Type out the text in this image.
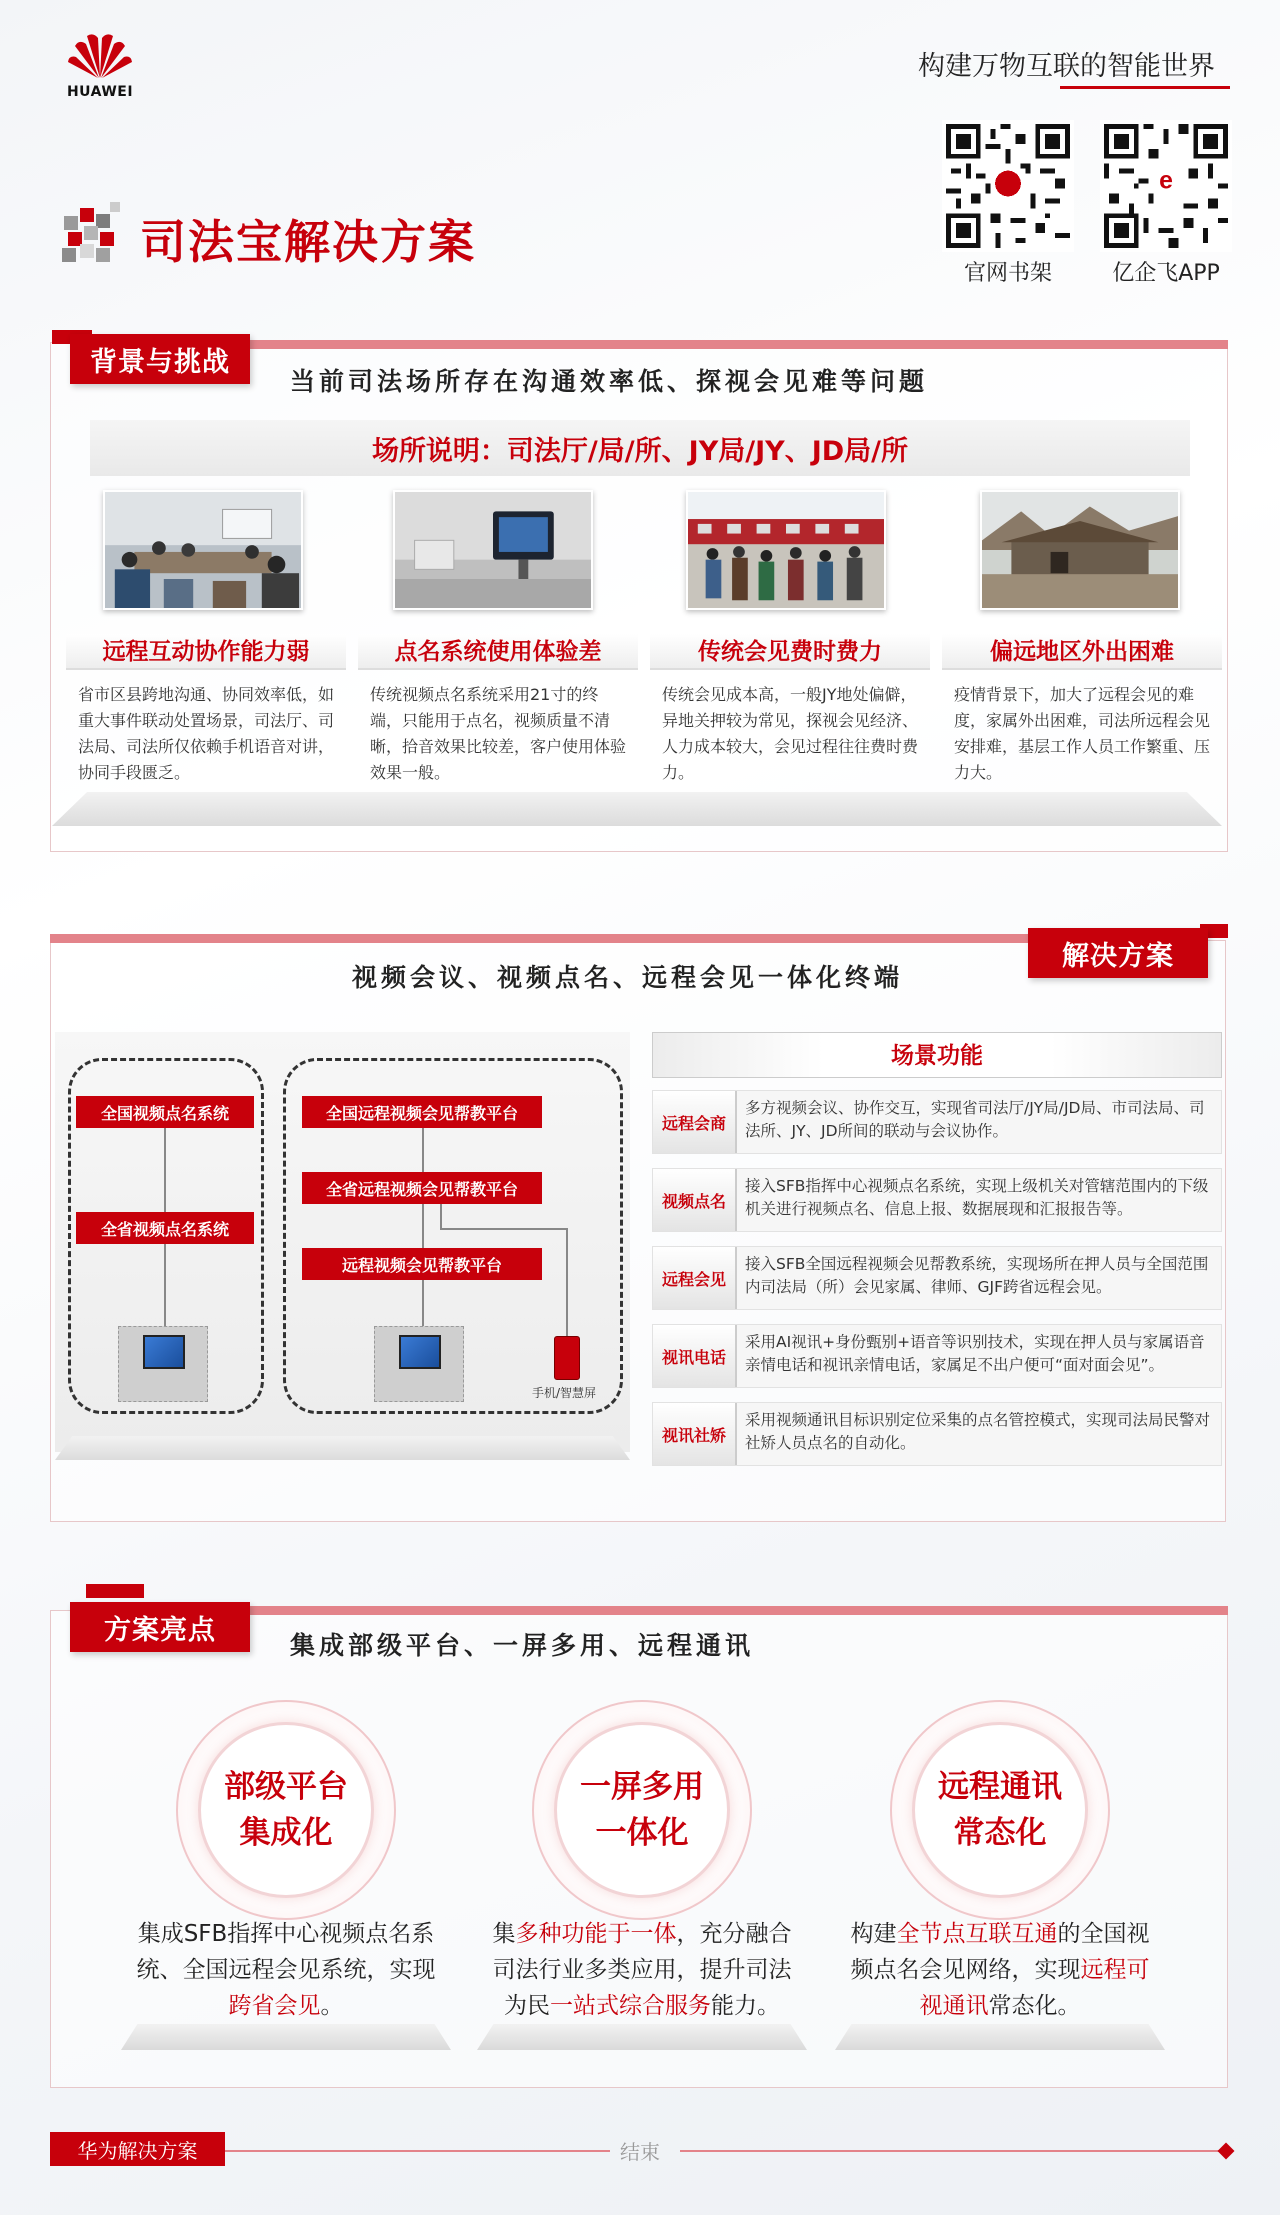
HUAWEI
构建万物互联的智能世界
官网书架
e
亿企飞APP
司法宝解决方案
背景与挑战
当前司法场所存在沟通效率低、探视会见难等问题
场所说明：司法厅/局/所、JY局/JY、JD局/所
远程互动协作能力弱
省市区县跨地沟通、协同效率低，如重大事件联动处置场景，司法厅、司法局、司法所仅依赖手机语音对讲，协同手段匮乏。
点名系统使用体验差
传统视频点名系统采用21寸的终端，只能用于点名，视频质量不清晰，拾音效果比较差，客户使用体验效果一般。
传统会见费时费力
传统会见成本高，一般JY地处偏僻，异地关押较为常见，探视会见经济、人力成本较大，会见过程往往费时费力。
偏远地区外出困难
疫情背景下，加大了远程会见的难度，家属外出困难，司法所远程会见安排难，基层工作人员工作繁重、压力大。
解决方案
视频会议、视频点名、远程会见一体化终端
全国视频点名系统
全省视频点名系统
全国远程视频会见帮教平台
全省远程视频会见帮教平台
远程视频会见帮教平台
手机/智慧屏
场景功能
远程会商
多方视频会议、协作交互，实现省司法厅/JY局/JD局、市司法局、司法所、JY、JD所间的联动与会议协作。
视频点名
接入SFB指挥中心视频点名系统，实现上级机关对管辖范围内的下级机关进行视频点名、信息上报、数据展现和汇报报告等。
远程会见
接入SFB全国远程视频会见帮教系统，实现场所在押人员与全国范围内司法局（所）会见家属、律师、GJF跨省远程会见。
视讯电话
采用AI视讯+身份甄别+语音等识别技术，实现在押人员与家属语音亲情电话和视讯亲情电话，家属足不出户便可“面对面会见”。
视讯社矫
采用视频通讯目标识别定位采集的点名管控模式，实现司法局民警对社矫人员点名的自动化。
方案亮点	集成部级平台、一屏多用、远程通讯
部级平台
集成化
一屏多用
一体化
远程通讯
常态化
集成SFB指挥中心视频点名系统、全国远程会见系统，实现跨省会见。
集多种功能于一体，充分融合司法行业多类应用，提升司法为民一站式综合服务能力。
构建全节点互联互通的全国视频点名会见网络，实现远程可视通讯常态化。
华为解决方案	结束
